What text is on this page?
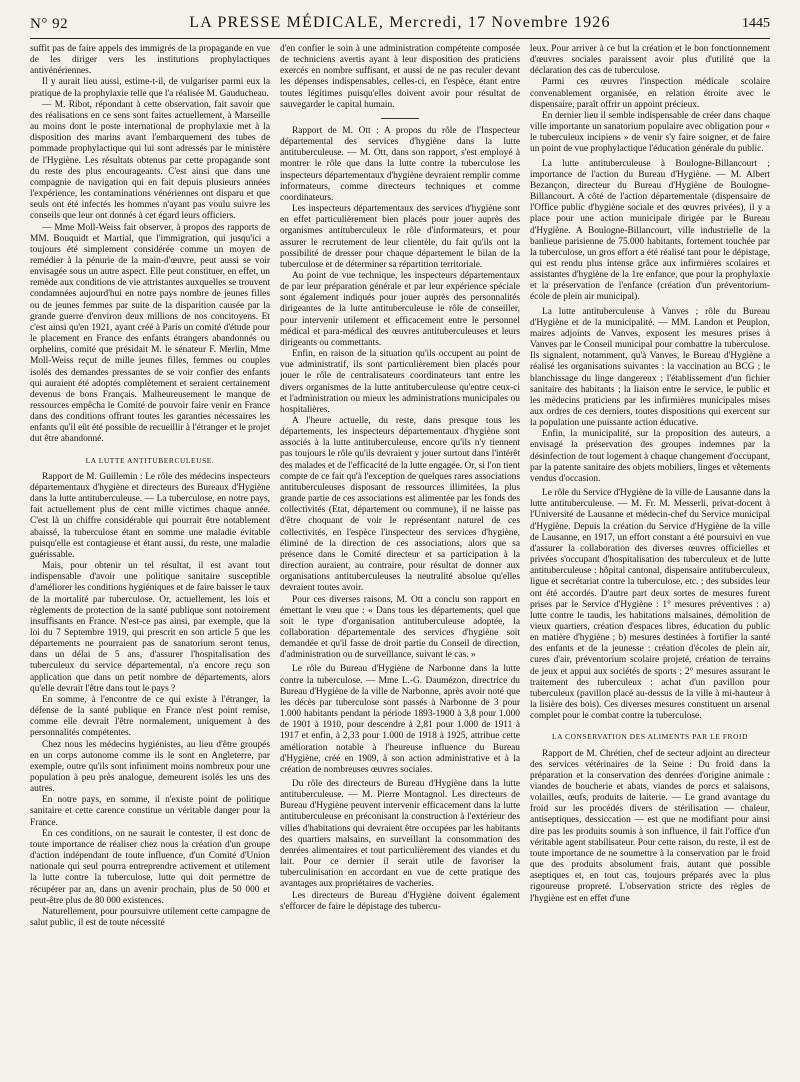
N° 92	LA PRESSE MÉDICALE, Mercredi, 17 Novembre 1926	1445

suffit pas de faire appels des immigrés de la propagande en vue de les diriger vers les institutions prophylactiques antivénériennes.

Il y aurait lieu aussi, estime-t-il, de vulgariser parmi eux la pratique de la prophylaxie telle que l'a réalisée M. Gauducheau.

— M. Ribot, répondant à cette observation, fait savoir que des réalisations en ce sens sont faites actuellement, à Marseille au moins dont le poste international de prophylaxie met à la disposition des marins avant l'embarquement des tubes de pommade prophylactique qui lui sont adressés par le ministère de l'Hygiène. Les résultats obtenus par cette propagande sont du reste des plus encourageants. C'est ainsi que dans une compagnie de navigation qui en fait depuis plusieurs années l'expérience, les contaminations vénériennes ont disparu et que seuls ont été infectés les hommes n'ayant pas voulu suivre les conseils que leur ont donnés à cet égard leurs officiers.

— Mme Moll-Weiss fait observer, à propos des rapports de MM. Bouquidt et Martial, que l'immigration, qui jusqu'ici a toujours été simplement considérée comme un moyen de remédier à la pénurie de la main-d'œuvre, peut aussi se voir envisagée sous un autre aspect. Elle peut constituer, en effet, un remède aux conditions de vie attristantes auxquelles se trouvent condamnées aujourd'hui en notre pays nombre de jeunes filles ou de jeunes femmes par suite de la disparition causée par la grande guerre d'environ deux millions de nos concitoyens. Et c'est ainsi qu'en 1921, ayant créé à Paris un comité d'étude pour le placement en France des enfants étrangers abandonnés ou orphelins, comité que présidait M. le sénateur F. Merlin, Mme Moll-Weiss reçut de mille jeunes filles, femmes ou couples isolés des demandes pressantes de se voir confier des enfants qui auraient été adoptés complètement et seraient certainement devenus de bons Français. Malheureusement le manque de ressources empêcha le Comité de pouvoir faire venir en France dans des conditions offrant toutes les garanties nécessaires les enfants qu'il eût été possible de recueillir à l'étranger et le projet dut être abandonné.

LA LUTTE ANTITUBERCULEUSE.

Rapport de M. Guillemin : Le rôle des médecins inspecteurs départementaux d'hygiène et directeurs des Bureaux d'Hygiène dans la lutte antituberculeuse. — La tuberculose, en notre pays, fait actuellement plus de cent mille victimes chaque année. C'est là un chiffre considérable qui pourrait être notablement abaissé, la tuberculose étant en somme une maladie évitable puisqu'elle est contagieuse et étant aussi, du reste, une maladie guérissable.

Mais, pour obtenir un tel résultat, il est avant tout indispensable d'avoir une politique sanitaire susceptible d'améliorer les conditions hygiéniques et de faire baisser le taux de la mortalité par tuberculose. Or, actuellement, les lois et règlements de protection de la santé publique sont notoirement insuffisants en France. N'est-ce pas ainsi, par exemple, que la loi du 7 Septembre 1919, qui prescrit en son article 5 que les départements ne pourraient pas de sanatorium seront tenus, dans un délai de 5 ans, d'assurer l'hospitalisation des tuberculeux du service départemental, n'a encore reçu son application que dans un petit nombre de départements, alors qu'elle devrait l'être dans tout le pays ?

En somme, à l'encontre de ce qui existe à l'étranger, la défense de la santé publique en France n'est point remise, comme elle devrait l'être normalement, uniquement à des personnalités compétentes.

Chez nous les médecins hygiénistes, au lieu d'être groupés en un corps autonome comme ils le sont en Angleterre, par exemple, outre qu'ils sont infiniment moins nombreux pour une population à peu près analogue, demeurent isolés les uns des autres.

En notre pays, en somme, il n'existe point de politique sanitaire et cette carence constitue un véritable danger pour la France.

En ces conditions, on ne saurait le contester, il est donc de toute importance de réaliser chez nous la création d'un groupe d'action indépendant de toute influence, d'un Comité d'Union nationale qui seul pourra entreprendre activement et utilement la lutte contre la tuberculose, lutte qui doit permettre de récupérer par an, dans un avenir prochain, plus de 50 000 et peut-être plus de 80 000 existences.

Naturellement, pour poursuivre utilement cette campagne de salut public, il est de toute nécessité

d'en confier le soin à une administration compétente composée de techniciens avertis ayant à leur disposition des praticiens exercés en nombre suffisant, et aussi de ne pas reculer devant les dépenses indispensables, celles-ci, en l'espèce, étant entre toutes légitimes puisqu'elles doivent avoir pour résultat de sauvegarder le capital humain.

Rapport de M. Ott : A propos du rôle de l'Inspecteur départemental des services d'hygiène dans la lutte antituberculeuse. — M. Ott, dans son rapport, s'est employé à montrer le rôle que dans la lutte contre la tuberculose les inspecteurs départementaux d'hygiène devraient remplir comme informateurs, comme directeurs techniques et comme coordinateurs.

Les inspecteurs départementaux des services d'hygiène sont en effet particulièrement bien placés pour jouer auprès des organismes antituberculeux le rôle d'informateurs, et pour assurer le recrutement de leur clientèle, du fait qu'ils ont la possibilité de dresser pour chaque département le bilan de la tuberculose et de déterminer sa répartition territoriale.

Au point de vue technique, les inspecteurs départementaux de par leur préparation générale et par leur expérience spéciale sont également indiqués pour jouer auprès des personnalités dirigeantes de la lutte antituberculeuse le rôle de conseiller, pour intervenir utilement et efficacement entre le personnel médical et para-médical des œuvres antituberculeuses et leurs dirigeants ou commettants.

Enfin, en raison de la situation qu'ils occupent au point de vue administratif, ils sont particulièrement bien placés pour jouer le rôle de centralisateurs coordinateurs tant entre les divers organismes de la lutte antituberculeuse qu'entre ceux-ci et l'administration ou mieux les administrations municipales ou hospitalières.

A l'heure actuelle, du reste, dans presque tous les départements, les inspecteurs départementaux d'hygiène sont associés à la lutte antituberculeuse, encore qu'ils n'y tiennent pas toujours le rôle qu'ils devraient y jouer surtout dans l'intérêt des malades et de l'efficacité de la lutte engagée. Or, si l'on tient compte de ce fait qu'à l'exception de quelques rares associations antituberculeuses disposant de ressources illimitées, la plus grande partie de ces associations est alimentée par les fonds des collectivités (Etat, département ou commune), il ne laisse pas d'être choquant de voir le représentant naturel de ces collectivités, en l'espèce l'inspecteur des services d'hygiène, éliminé de la direction de ces associations, alors que sa présence dans le Comité directeur et sa participation à la direction auraient, au contraire, pour résultat de donner aux organisations antituberculeuses la neutralité absolue qu'elles devraient toutes avoir.

Pour ces diverses raisons, M. Ott a conclu son rapport en émettant le vœu que : « Dans tous les départements, quel que soit le type d'organisation antituberculeuse adoptée, la collaboration départementale des services d'hygiène soit demandée et qu'il fasse de droit partie du Conseil de direction, d'administration ou de surveillance, suivant le cas. »

Le rôle du Bureau d'Hygiène de Narbonne dans la lutte contre la tuberculose. — Mme L.-G. Daumézon, directrice du Bureau d'Hygiène de la ville de Narbonne, après avoir noté que les décès par tuberculose sont passés à Narbonne de 3 pour 1.000 habitants pendant la période 1893-1900 à 3,8 pour 1.000 de 1901 à 1910, pour descendre à 2,81 pour 1.000 de 1911 à 1917 et enfin, à 2,33 pour 1.000 de 1918 à 1925, attribue cette amélioration notable à l'heureuse influence du Bureau d'Hygiène, créé en 1909, à son action administrative et à la création de nombreuses œuvres sociales.

Du rôle des directeurs de Bureau d'Hygiène dans la lutte antituberculeuse. — M. Pierre Montagnol. Les directeurs de Bureau d'Hygiène peuvent intervenir efficacement dans la lutte antituberculeuse en préconisant la construction à l'extérieur des villes d'habitations qui devraient être occupées par les habitants des quartiers malsains, en surveillant la consommation des denrées alimentaires et tout particulièrement des viandes et du lait. Pour ce dernier il serait utile de favoriser la tuberculinisation en accordant en vue de cette pratique des avantages aux propriétaires de vacheries.

Les directeurs de Bureau d'Hygiène doivent également s'efforcer de faire le dépistage des tubercu-

leux. Pour arriver à ce but la création et le bon fonctionnement d'œuvres sociales paraissent avoir plus d'utilité que la déclaration des cas de tuberculose.

Parmi ces œuvres l'inspection médicale scolaire convenablement organisée, en relation étroite avec le dispensaire, paraît offrir un appoint précieux.

En dernier lieu il semble indispensable de créer dans chaque ville importante un sanatorium populaire avec obligation pour « le tuberculeux incipiens » de venir s'y faire soigner, et de faire un point de vue prophylactique l'éducation générale du public.

La lutte antituberculeuse à Boulogne-Billancourt ; importance de l'action du Bureau d'Hygiène. — M. Albert Bezançon, directeur du Bureau d'Hygiène de Boulogne-Billancourt. A côté de l'action départementale (dispensaire de l'Office public d'hygiène sociale et des œuvres privées), il y a place pour une action municipale dirigée par le Bureau d'Hygiène. A Boulogne-Billancourt, ville industrielle de la banlieue parisienne de 75.000 habitants, fortement touchée par la tuberculose, un gros effort a été réalisé tant pour le dépistage, qui est rendu plus intense grâce aux infirmières scolaires et assistantes d'hygiène de la 1re enfance, que pour la prophylaxie et la préservation de l'enfance (création d'un préventorium-école de plein air municipal).

La lutte antituberculeuse à Vanves ; rôle du Bureau d'Hygiène et de la municipalité. — MM. Landon et Peuplon, maires adjoints de Vanves, exposent les mesures prises à Vanves par le Conseil municipal pour combattre la tuberculose. Ils signalent, notamment, qu'à Vanves, le Bureau d'Hygiène a réalisé les organisations suivantes : la vaccination au BCG ; le blanchissage du linge dangereux ; l'établissement d'un fichier sanitaire des habitants ; la liaison entre le service, le public et les médecins praticiens par les infirmières municipales mises aux ordres de ces derniers, toutes dispositions qui exercent sur la population une puissante action éducative.

Enfin, la municipalité, sur la proposition des auteurs, a envisagé la préservation des groupes indemnes par la désinfection de tout logement à chaque changement d'occupant, par la patente sanitaire des objets mobiliers, linges et vêtements vendus d'occasion.

Le rôle du Service d'Hygiène de la ville de Lausanne dans la lutte antituberculeuse. — M. Fr. M. Messerli, privat-docent à l'Université de Lausanne et médecin-chef du Service municipal d'Hygiène. Depuis la création du Service d'Hygiène de la ville de Lausanne, en 1917, un effort constant a été poursuivi en vue d'assurer la collaboration des diverses œuvres officielles et privées s'occupant d'hospitalisation des tuberculeux et de lutte antituberculeuse : hôpital cantonal, dispensaire antituberculeux, ligue et secrétariat contre la tuberculose, etc. ; des subsides leur ont été accordés. D'autre part deux sortes de mesures furent prises par le Service d'Hygiène : 1° mesures préventives : a) lutte contre le taudis, les habitations malsaines, démolition de vieux quartiers, création d'espaces libres, éducation du public en matière d'hygiène ; b) mesures destinées à fortifier la santé des enfants et de la jeunesse : création d'écoles de plein air, cures d'air, préventorium scolaire projeté, création de terrains de jeux et appui aux sociétés de sports ; 2° mesures assurant le traitement des tuberculeux : achat d'un pavillon pour tuberculeux (pavillon placé au-dessus de la ville à mi-hauteur à la lisière des bois). Ces diverses mesures constituent un arsenal complet pour le combat contre la tuberculose.

LA CONSERVATION DES ALIMENTS PAR LE FROID

Rapport de M. Chrétien, chef de secteur adjoint au directeur des services vétérinaires de la Seine : Du froid dans la préparation et la conservation des denrées d'origine animale : viandes de boucherie et abats, viandes de porcs et salaisons, volailles, œufs, produits de laiterie. — Le grand avantage du froid sur les procédés divers de stérilisation — chaleur, antiseptiques, dessiccation — est que ne modifiant pour ainsi dire pas les produits soumis à son influence, il fait l'office d'un véritable agent stabilisateur. Pour cette raison, du reste, il est de toute importance de ne soumettre à la conservation par le froid que des produits absolument frais, autant que possible aseptiques et, en tout cas, toujours préparés avec la plus rigoureuse propreté. L'observation stricte des règles de l'hygiène est en effet d'une
